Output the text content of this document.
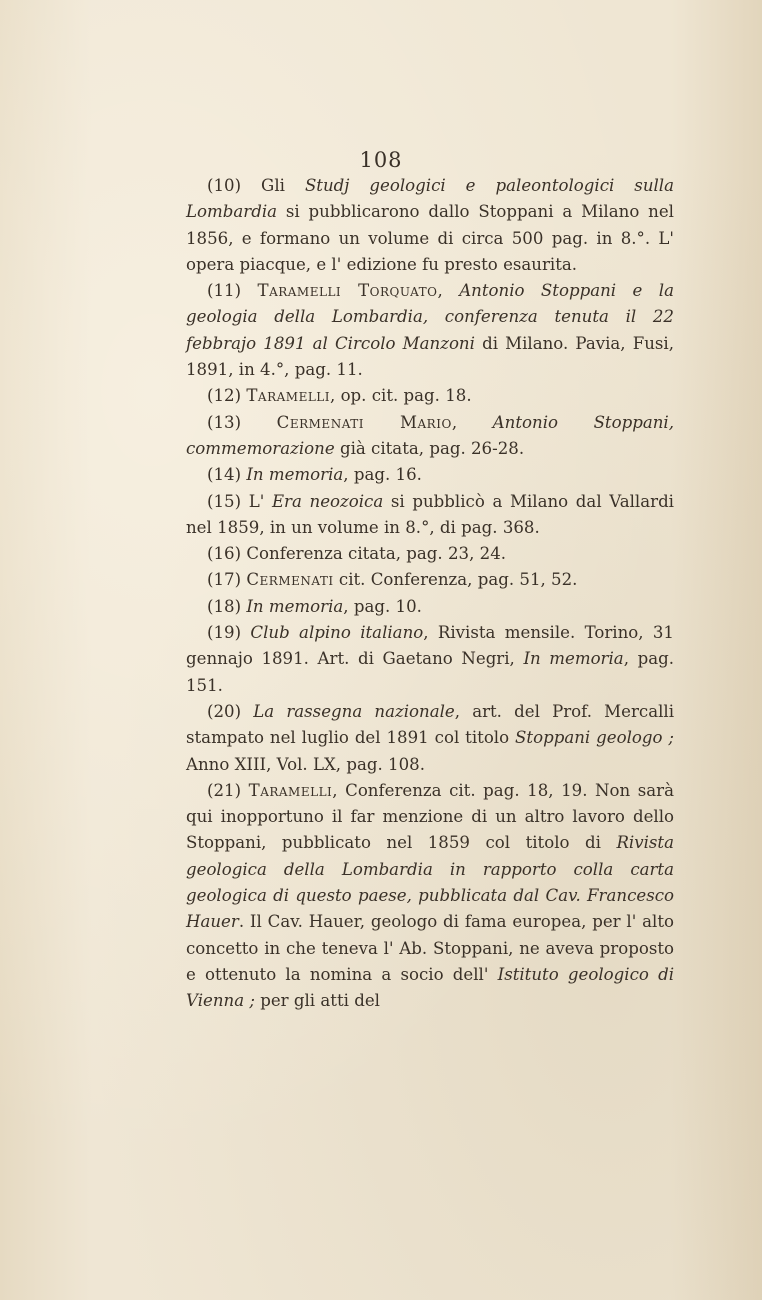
108

(10) Gli Studj geologici e paleontologici sulla Lombardia si pubblicarono dallo Stoppani a Milano nel 1856, e formano un volume di circa 500 pag. in 8.°. L' opera piacque, e l' edizione fu presto esaurita.

(11) Taramelli Torquato, Antonio Stoppani e la geologia della Lombardia, conferenza tenuta il 22 febbrajo 1891 al Circolo Manzoni di Milano. Pavia, Fusi, 1891, in 4.°, pag. 11.

(12) Taramelli, op. cit. pag. 18.

(13) Cermenati Mario, Antonio Stoppani, commemorazione già citata, pag. 26-28.

(14) In memoria, pag. 16.

(15) L' Era neozoica si pubblicò a Milano dal Vallardi nel 1859, in un volume in 8.°, di pag. 368.

(16) Conferenza citata, pag. 23, 24.

(17) Cermenati cit. Conferenza, pag. 51, 52.

(18) In memoria, pag. 10.

(19) Club alpino italiano, Rivista mensile. Torino, 31 gennajo 1891. Art. di Gaetano Negri, In memoria, pag. 151.

(20) La rassegna nazionale, art. del Prof. Mercalli stampato nel luglio del 1891 col titolo Stoppani geologo ; Anno XIII, Vol. LX, pag. 108.

(21) Taramelli, Conferenza cit. pag. 18, 19. Non sarà qui inopportuno il far menzione di un altro lavoro dello Stoppani, pubblicato nel 1859 col titolo di Rivista geologica della Lombardia in rapporto colla carta geologica di questo paese, pubblicata dal Cav. Francesco Hauer. Il Cav. Hauer, geologo di fama europea, per l' alto concetto in che teneva l' Ab. Stoppani, ne aveva proposto e ottenuto la nomina a socio dell' Istituto geologico di Vienna ; per gli atti del
